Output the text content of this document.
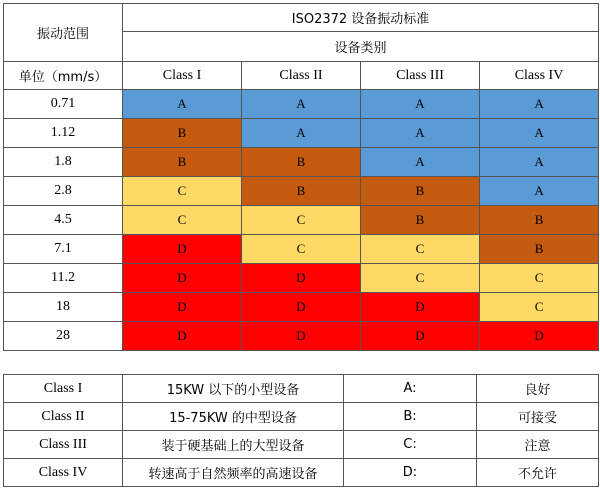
振动范围	ISO2372 设备振动标准			
	设备类别			
单位（mm/s）	Class I	Class II	Class III	Class IV
0.71	A	A	A	A
1.12	B	A	A	A
1.8	B	B	A	A
2.8	C	B	B	A
4.5	C	C	B	B
7.1	D	C	C	B
11.2	D	D	C	C
18	D	D	D	C
28	D	D	D	D
Class I	15KW 以下的小型设备	A:	良好
Class II	15-75KW 的中型设备	B:	可接受
Class III	装于硬基础上的大型设备	C:	注意
Class IV	转速高于自然频率的高速设备	D:	不允许
